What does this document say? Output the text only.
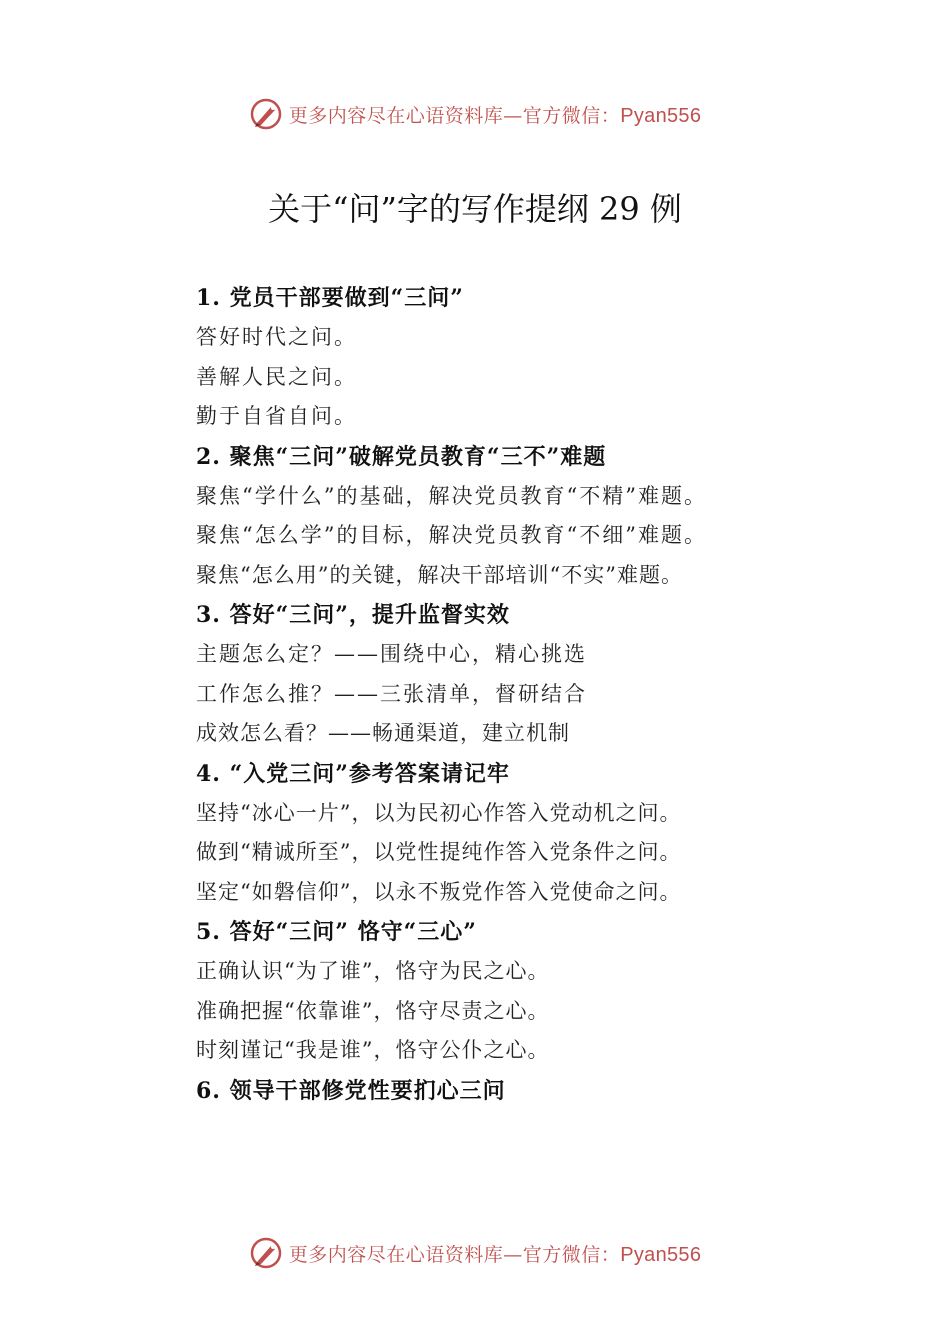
更多内容尽在心语资料库—官方微信：Pyan556
关于“问”字的写作提纲 29 例
1. 党员干部要做到“三问”
答好时代之问。
善解人民之问。
勤于自省自问。
2. 聚焦“三问”破解党员教育“三不”难题
聚焦“学什么”的基础，解决党员教育“不精”难题。
聚焦“怎么学”的目标，解决党员教育“不细”难题。
聚焦“怎么用”的关键，解决干部培训“不实”难题。
3. 答好“三问”，提升监督实效
主题怎么定？——围绕中心，精心挑选
工作怎么推？——三张清单，督研结合
成效怎么看？——畅通渠道，建立机制
4. “入党三问”参考答案请记牢
坚持“冰心一片”，以为民初心作答入党动机之问。
做到“精诚所至”，以党性提纯作答入党条件之问。
坚定“如磐信仰”，以永不叛党作答入党使命之问。
5. 答好“三问” 恪守“三心”
正确认识“为了谁”，恪守为民之心。
准确把握“依靠谁”，恪守尽责之心。
时刻谨记“我是谁”，恪守公仆之心。
6. 领导干部修党性要扪心三问
更多内容尽在心语资料库—官方微信：Pyan556
